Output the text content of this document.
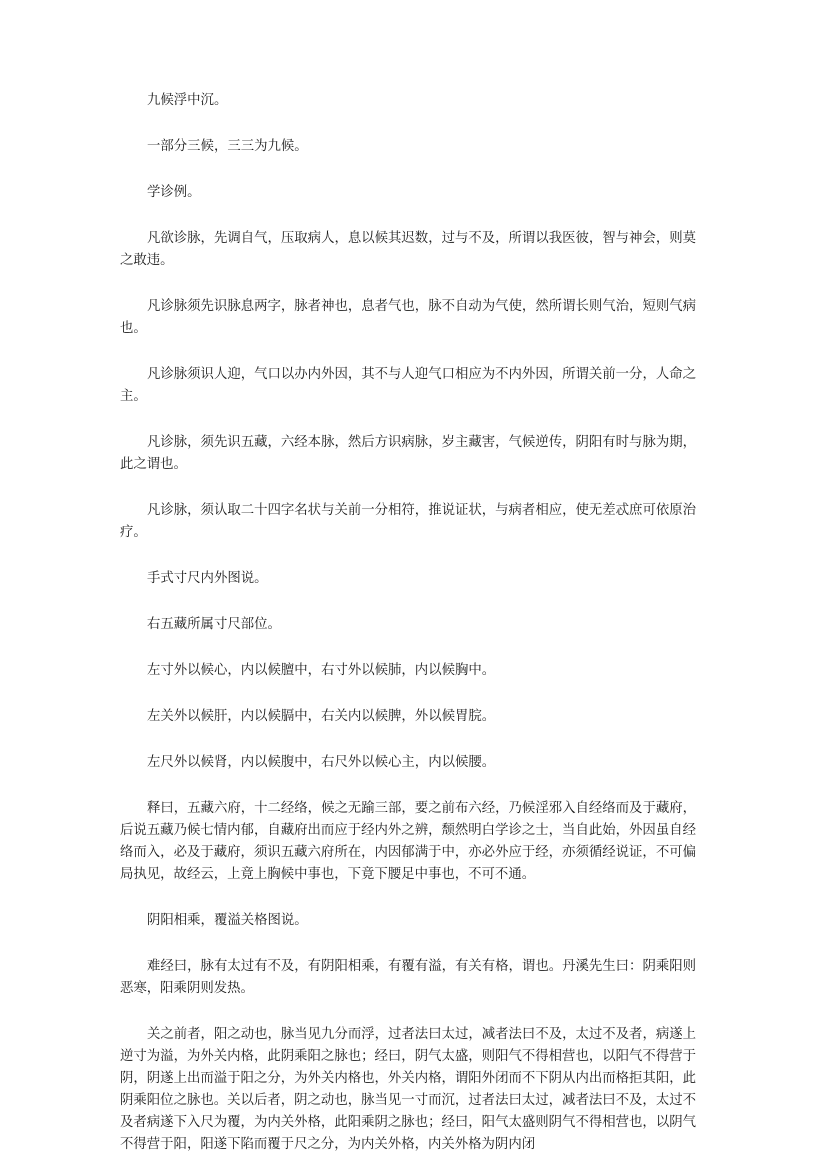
九候浮中沉。

一部分三候，三三为九候。

学诊例。

凡欲诊脉，先调自气，压取病人，息以候其迟数，过与不及，所谓以我医彼，智与神会，则莫之敢违。

凡诊脉须先识脉息两字，脉者神也，息者气也，脉不自动为气使，然所谓长则气治，短则气病也。

凡诊脉须识人迎，气口以办内外因，其不与人迎气口相应为不内外因，所谓关前一分，人命之主。

凡诊脉，须先识五藏，六经本脉，然后方识病脉，岁主藏害，气候逆传，阴阳有时与脉为期，此之谓也。

凡诊脉，须认取二十四字名状与关前一分相符，推说证状，与病者相应，使无差忒庶可依原治疗。

手式寸尺内外图说。

右五藏所属寸尺部位。

左寸外以候心，内以候膻中，右寸外以候肺，内以候胸中。

左关外以候肝，内以候膈中，右关内以候脾，外以候胃脘。

左尺外以候肾，内以候腹中，右尺外以候心主，内以候腰。

释曰，五藏六府，十二经络，候之无踰三部，要之前布六经，乃候淫邪入自经络而及于藏府，后说五藏乃候七情内郁，自藏府出而应于经内外之辨，颓然明白学诊之士，当自此始，外因虽自经络而入，必及于藏府，须识五藏六府所在，内因郁满于中，亦必外应于经，亦须循经说证，不可偏局执见，故经云，上竟上胸候中事也，下竟下腰足中事也，不可不通。

阴阳相乘，覆溢关格图说。

难经曰，脉有太过有不及，有阴阳相乘，有覆有溢，有关有格，谓也。丹溪先生曰：阴乘阳则恶寒，阳乘阴则发热。

关之前者，阳之动也，脉当见九分而浮，过者法曰太过，减者法曰不及，太过不及者，病遂上逆寸为溢，为外关内格，此阴乘阳之脉也；经曰，阴气太盛，则阳气不得相营也，以阳气不得营于阴，阴遂上出而溢于阳之分，为外关内格也，外关内格，谓阳外闭而不下阴从内出而格拒其阳，此阴乘阳位之脉也。关以后者，阴之动也，脉当见一寸而沉，过者法曰太过，减者法曰不及，太过不及者病遂下入尺为覆，为内关外格，此阳乘阴之脉也；经曰，阳气太盛则阴气不得相营也，以阴气不得营于阳，阳遂下陷而覆于尺之分，为内关外格，内关外格为阴内闭
